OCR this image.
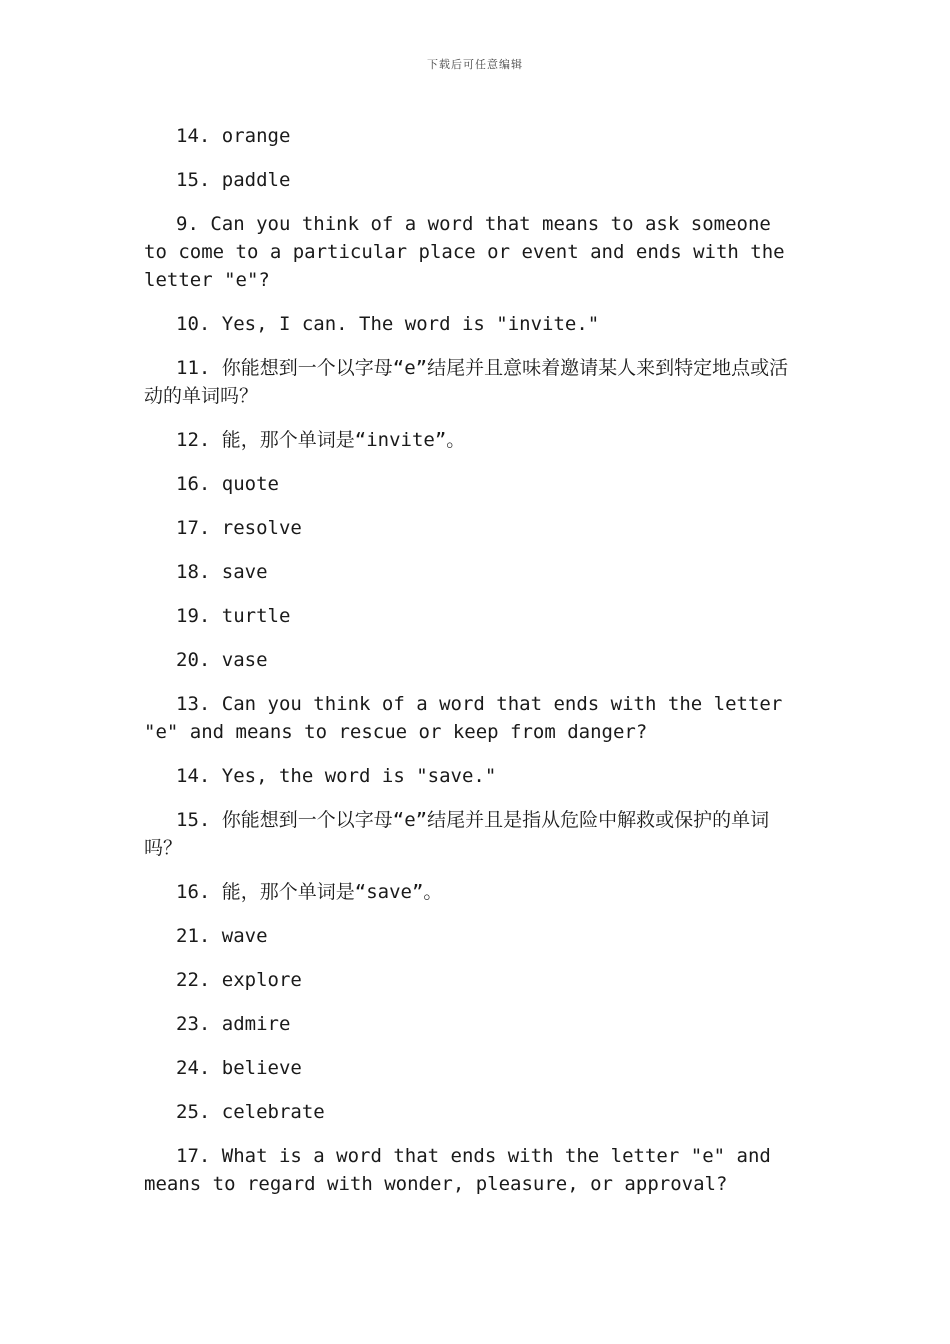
下载后可任意编辑

14. orange

15. paddle

9. Can you think of a word that means to ask someone to come to a particular place or event and ends with the letter "e"?

10. Yes, I can. The word is "invite."

11. 你能想到一个以字母“e”结尾并且意味着邀请某人来到特定地点或活动的单词吗？

12. 能，那个单词是“invite”。

16. quote

17. resolve

18. save

19. turtle

20. vase

13. Can you think of a word that ends with the letter "e" and means to rescue or keep from danger?

14. Yes, the word is "save."

15. 你能想到一个以字母“e”结尾并且是指从危险中解救或保护的单词吗？

16. 能，那个单词是“save”。

21. wave

22. explore

23. admire

24. believe

25. celebrate

17. What is a word that ends with the letter "e" and means to regard with wonder, pleasure, or approval?
